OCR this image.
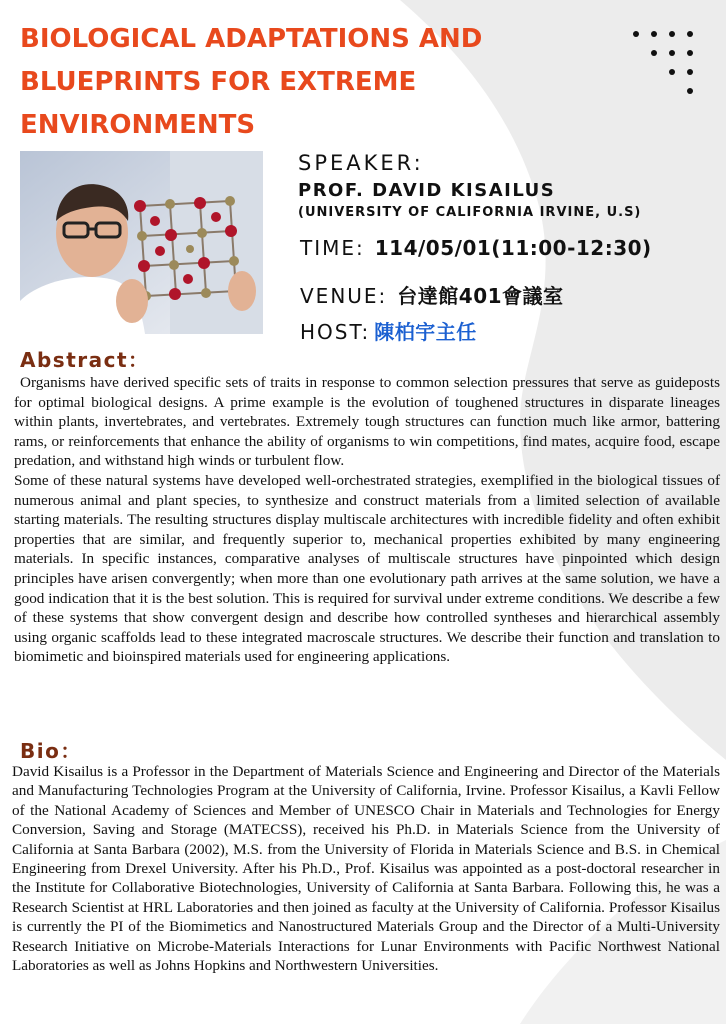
BIOLOGICAL ADAPTATIONS AND
BLUEPRINTS FOR EXTREME
ENVIRONMENTS
SPEAKER:
PROF. DAVID KISAILUS
(UNIVERSITY OF CALIFORNIA IRVINE, U.S)
TIME: 114/05/01(11:00-12:30)
VENUE: 台達館401會議室
HOST: 陳柏宇主任
Abstract：

Organisms have derived specific sets of traits in response to common selection pressures that serve as guideposts for optimal biological designs. A prime example is the evolution of toughened structures in disparate lineages within plants, invertebrates, and vertebrates. Extremely tough structures can function much like armor, battering rams, or reinforcements that enhance the ability of organisms to win competitions, find mates, acquire food, escape predation, and withstand high winds or turbulent flow.

Some of these natural systems have developed well-orchestrated strategies, exemplified in the biological tissues of numerous animal and plant species, to synthesize and construct materials from a limited selection of available starting materials. The resulting structures display multiscale architectures with incredible fidelity and often exhibit properties that are similar, and frequently superior to, mechanical properties exhibited by many engineering materials. In specific instances, comparative analyses of multiscale structures have pinpointed which design principles have arisen convergently; when more than one evolutionary path arrives at the same solution, we have a good indication that it is the best solution. This is required for survival under extreme conditions. We describe a few of these systems that show convergent design and describe how controlled syntheses and hierarchical assembly using organic scaffolds lead to these integrated macroscale structures. We describe their function and translation to biomimetic and bioinspired materials used for engineering applications.

Bio：

David Kisailus is a Professor in the Department of Materials Science and Engineering and Director of the Materials and Manufacturing Technologies Program at the University of California, Irvine. Professor Kisailus, a Kavli Fellow of the National Academy of Sciences and Member of UNESCO Chair in Materials and Technologies for Energy Conversion, Saving and Storage (MATECSS), received his Ph.D. in Materials Science from the University of California at Santa Barbara (2002), M.S. from the University of Florida in Materials Science and B.S. in Chemical Engineering from Drexel University. After his Ph.D., Prof. Kisailus was appointed as a post-doctoral researcher in the Institute for Collaborative Biotechnologies, University of California at Santa Barbara. Following this, he was a Research Scientist at HRL Laboratories and then joined as faculty at the University of California. Professor Kisailus is currently the PI of the Biomimetics and Nanostructured Materials Group and the Director of a Multi-University Research Initiative on Microbe-Materials Interactions for Lunar Environments with Pacific Northwest National Laboratories as well as Johns Hopkins and Northwestern Universities.
